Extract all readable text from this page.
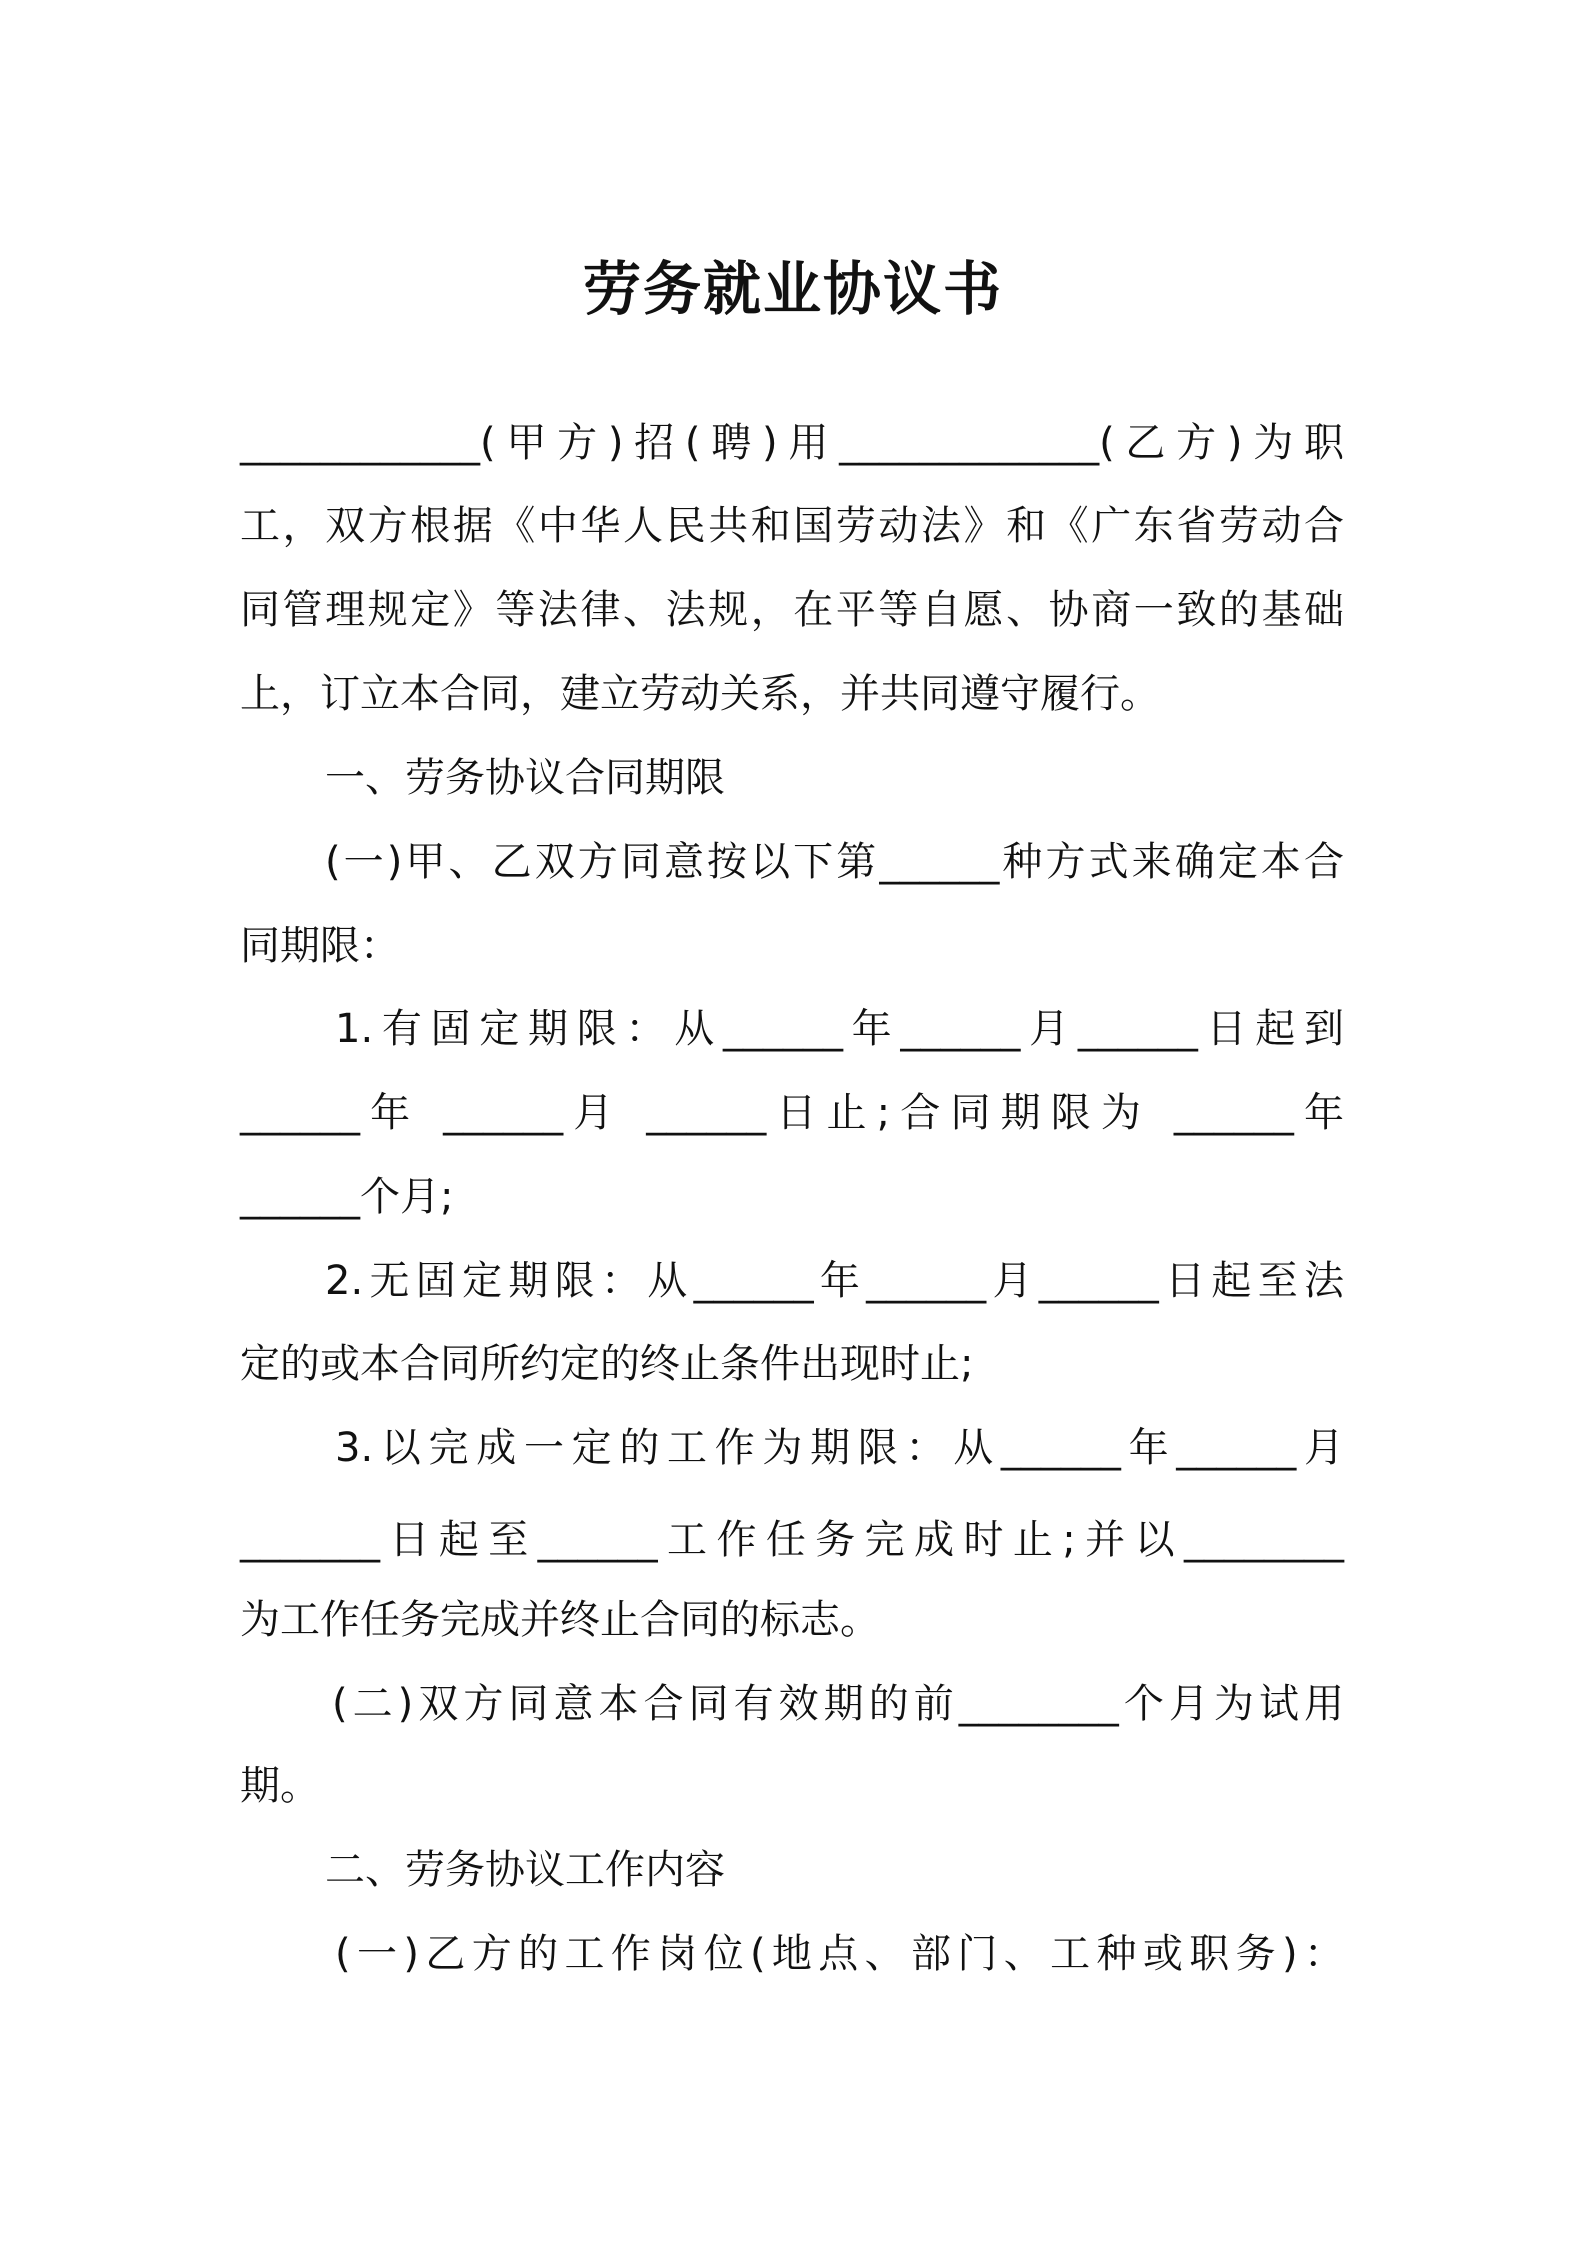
劳务就业协议书
____________(甲方)招(聘)用_____________(乙方)为职
工，双方根据《中华人民共和国劳动法》和《广东省劳动合
同管理规定》等法律、法规，在平等自愿、协商一致的基础
上，订立本合同，建立劳动关系，并共同遵守履行。
一、劳务协议合同期限
(一)甲、乙双方同意按以下第______种方式来确定本合
同期限：
1.有固定期限：从______年______月______日起到
______年 ______月 ______日止;合同期限为 ______年
______个月;
2.无固定期限：从______年______月______日起至法
定的或本合同所约定的终止条件出现时止;
3.以完成一定的工作为期限：从______年______月
_______日起至______工作任务完成时止;并以________
为工作任务完成并终止合同的标志。
(二)双方同意本合同有效期的前________个月为试用
期。
二、劳务协议工作内容
(一)乙方的工作岗位(地点、部门、工种或职务)：
